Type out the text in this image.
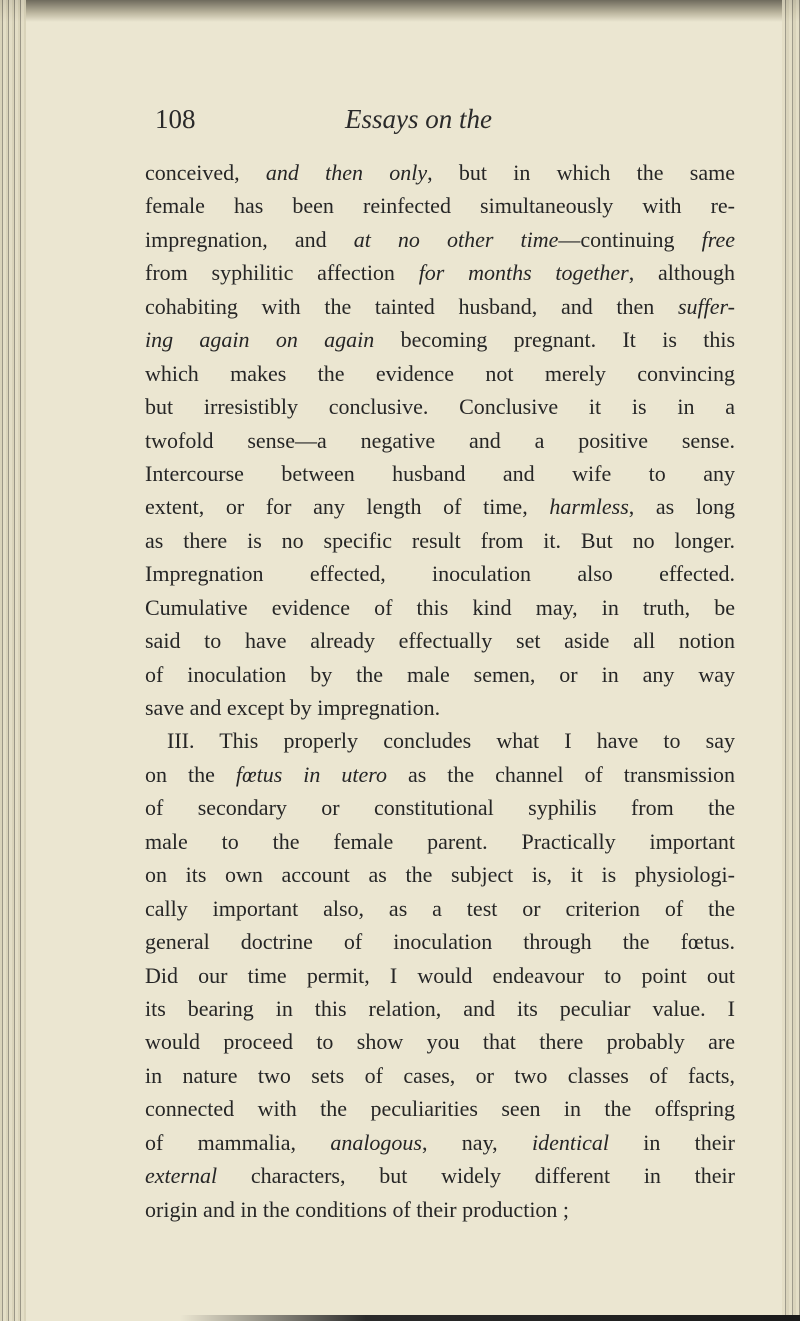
108	Essays on the
conceived, and then only, but in which the same
female has been reinfected simultaneously with re-
impregnation, and at no other time—continuing free
from syphilitic affection for months together, although
cohabiting with the tainted husband, and then suffer-
ing again on again becoming pregnant. It is this
which makes the evidence not merely convincing
but irresistibly conclusive. Conclusive it is in a
twofold sense—a negative and a positive sense.
Intercourse between husband and wife to any
extent, or for any length of time, harmless, as long
as there is no specific result from it. But no longer.
Impregnation effected, inoculation also effected.
Cumulative evidence of this kind may, in truth, be
said to have already effectually set aside all notion
of inoculation by the male semen, or in any way
save and except by impregnation.
III. This properly concludes what I have to say
on the fœtus in utero as the channel of transmission
of secondary or constitutional syphilis from the
male to the female parent. Practically important
on its own account as the subject is, it is physiologi-
cally important also, as a test or criterion of the
general doctrine of inoculation through the fœtus.
Did our time permit, I would endeavour to point out
its bearing in this relation, and its peculiar value. I
would proceed to show you that there probably are
in nature two sets of cases, or two classes of facts,
connected with the peculiarities seen in the offspring
of mammalia, analogous, nay, identical in their
external characters, but widely different in their
origin and in the conditions of their production ;
